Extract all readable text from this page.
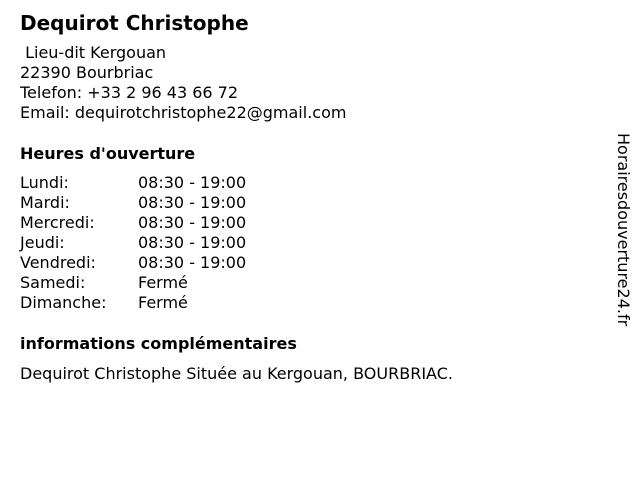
Dequirot Christophe
Lieu-dit Kergouan
22390 Bourbriac
Telefon: +33 2 96 43 66 72
Email: dequirotchristophe22@gmail.com
Heures d'ouverture
Lundi:	08:30 - 19:00
Mardi:	08:30 - 19:00
Mercredi:	08:30 - 19:00
Jeudi:	08:30 - 19:00
Vendredi:	08:30 - 19:00
Samedi:	Fermé
Dimanche:	Fermé
informations complémentaires
Dequirot Christophe Située au Kergouan, BOURBRIAC.
Horairesdouverture24.fr
